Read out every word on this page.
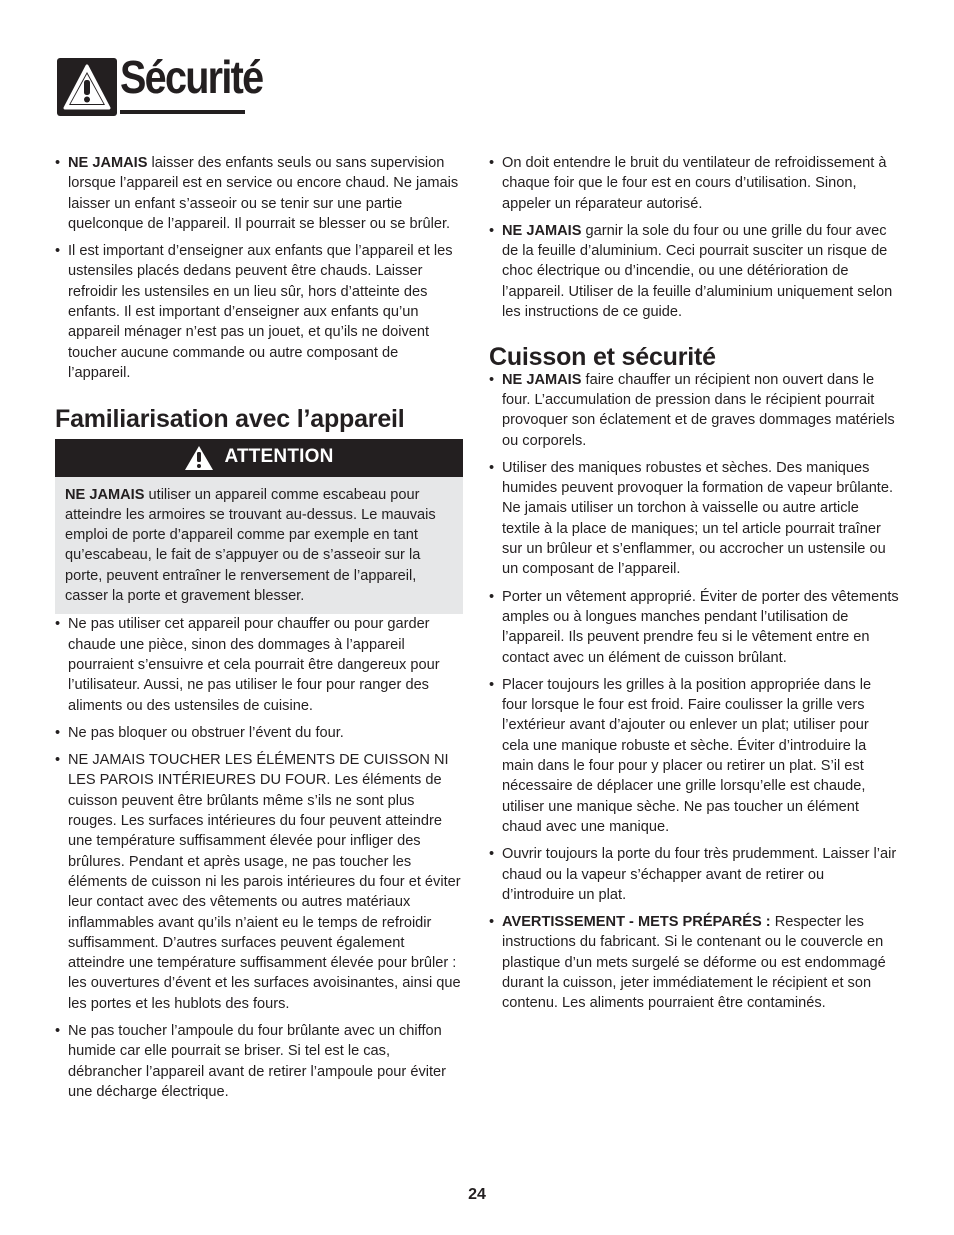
Sécurité
• NE JAMAIS laisser des enfants seuls ou sans supervision lorsque l’appareil est en service ou encore chaud. Ne jamais laisser un enfant s’asseoir ou se tenir sur une partie quelconque de l’appareil. Il pourrait se blesser ou se brûler.
• Il est important d’enseigner aux enfants que l’appareil et les ustensiles placés dedans peuvent être chauds. Laisser refroidir les ustensiles en un lieu sûr, hors d’atteinte des enfants. Il est important d’enseigner aux enfants qu’un appareil ménager n’est pas un jouet, et qu’ils ne doivent toucher aucune commande ou autre composant de l’appareil.
Familiarisation avec l’appareil
ATTENTION
NE JAMAIS utiliser un appareil comme escabeau pour atteindre les armoires se trouvant au-dessus. Le mauvais emploi de porte d’appareil comme par exemple en tant qu’escabeau, le fait de s’appuyer ou de s’asseoir sur la porte, peuvent entraîner le renversement de l’appareil, casser la porte et gravement blesser.
• Ne pas utiliser cet appareil pour chauffer ou pour garder chaude une pièce, sinon des dommages à l’appareil pourraient s’ensuivre et cela pourrait être dangereux pour l’utilisateur. Aussi, ne pas utiliser le four pour ranger des aliments ou des ustensiles de cuisine.
• Ne pas bloquer ou obstruer l’évent du four.
• NE JAMAIS TOUCHER LES ÉLÉMENTS DE CUISSON NI LES PAROIS INTÉRIEURES DU FOUR. Les éléments de cuisson peuvent être brûlants même s’ils ne sont plus rouges. Les surfaces intérieures du four peuvent atteindre une température suffisamment élevée pour infliger des brûlures. Pendant et après usage, ne pas toucher les éléments de cuisson ni les parois intérieures du four et éviter leur contact avec des vêtements ou autres matériaux inflammables avant qu’ils n’aient eu le temps de refroidir suffisamment. D’autres surfaces peuvent également atteindre une température suffisamment élevée pour brûler : les ouvertures d’évent et les surfaces avoisinantes, ainsi que les portes et les hublots des fours.
• Ne pas toucher l’ampoule du four brûlante avec un chiffon humide car elle pourrait se briser. Si tel est le cas, débrancher l’appareil avant de retirer l’ampoule pour éviter une décharge électrique.
• On doit entendre le bruit du ventilateur de refroidissement à chaque foir que le four est en cours d’utilisation. Sinon, appeler un réparateur autorisé.
• NE JAMAIS garnir la sole du four ou une grille du four avec de la feuille d’aluminium. Ceci pourrait susciter un risque de choc électrique ou d’incendie, ou une détérioration de l’appareil. Utiliser de la feuille d’aluminium uniquement selon les instructions de ce guide.
Cuisson et sécurité
• NE JAMAIS faire chauffer un récipient non ouvert dans le four. L’accumulation de pression dans le récipient pourrait provoquer son éclatement et de graves dommages matériels ou corporels.
• Utiliser des maniques robustes et sèches. Des maniques humides peuvent provoquer la formation de vapeur brûlante. Ne jamais utiliser un torchon à vaisselle ou autre article textile à la place de maniques; un tel article pourrait traîner sur un brûleur et s’enflammer, ou accrocher un ustensile ou un composant de l’appareil.
• Porter un vêtement approprié. Éviter de porter des vêtements amples ou à longues manches pendant l’utilisation de l’appareil. Ils peuvent prendre feu si le vêtement entre en contact avec un élément de cuisson brûlant.
• Placer toujours les grilles à la position appropriée dans le four lorsque le four est froid. Faire coulisser la grille vers l’extérieur avant d’ajouter ou enlever un plat; utiliser pour cela une manique robuste et sèche. Éviter d’introduire la main dans le four pour y placer ou retirer un plat. S’il est nécessaire de déplacer une grille lorsqu’elle est chaude, utiliser une manique sèche. Ne pas toucher un élément chaud avec une manique.
• Ouvrir toujours la porte du four très prudemment. Laisser l’air chaud ou la vapeur s’échapper avant de retirer ou d’introduire un plat.
• AVERTISSEMENT - METS PRÉPARÉS : Respecter les instructions du fabricant. Si le contenant ou le couvercle en plastique d’un mets surgelé se déforme ou est endommagé durant la cuisson, jeter immédiatement le récipient et son contenu. Les aliments pourraient être contaminés.
24
